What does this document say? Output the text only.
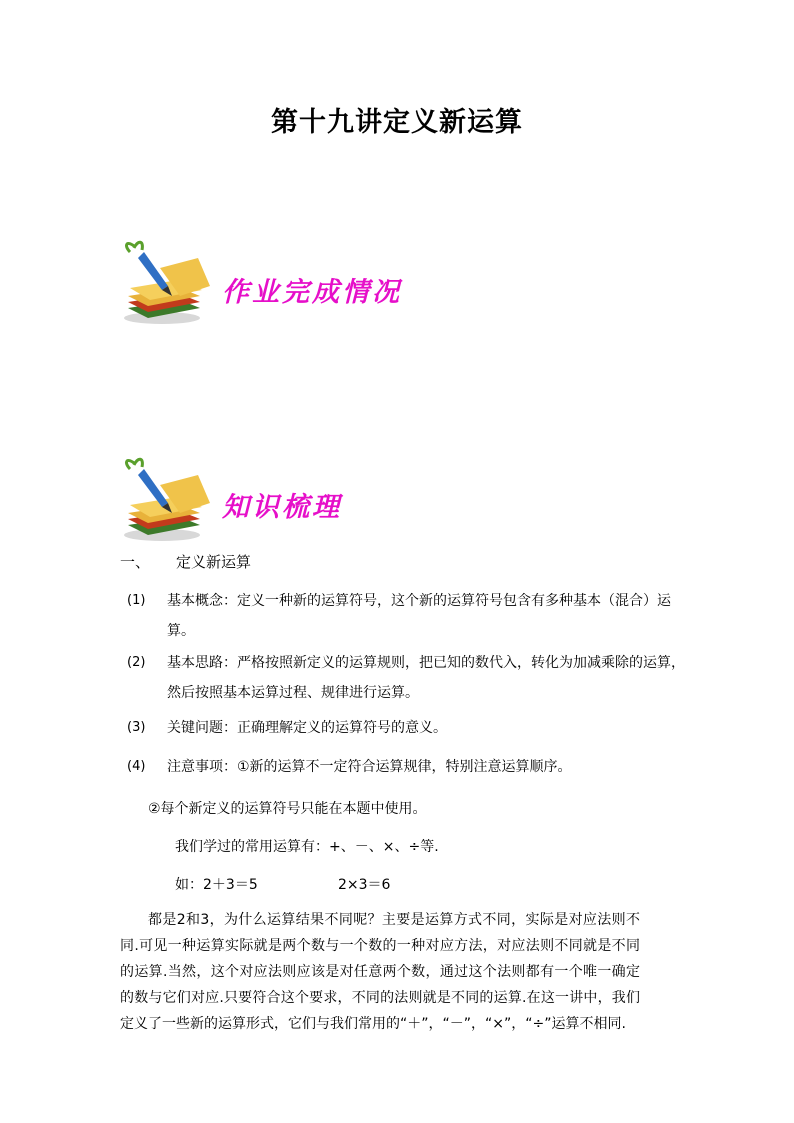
第十九讲定义新运算
作业完成情况
知识梳理
一、 定义新运算
(1) 基本概念：定义一种新的运算符号，这个新的运算符号包含有多种基本（混合）运算。
(2) 基本思路：严格按照新定义的运算规则，把已知的数代入，转化为加减乘除的运算，然后按照基本运算过程、规律进行运算。
(3) 关键问题：正确理解定义的运算符号的意义。
(4) 注意事项：①新的运算不一定符合运算规律，特别注意运算顺序。
②每个新定义的运算符号只能在本题中使用。
我们学过的常用运算有：+、－、×、÷等.
如：2＋3＝5	2×3＝6

都是2和3，为什么运算结果不同呢？主要是运算方式不同，实际是对应法则不同.可见一种运算实际就是两个数与一个数的一种对应方法，对应法则不同就是不同的运算.当然，这个对应法则应该是对任意两个数，通过这个法则都有一个唯一确定的数与它们对应.只要符合这个要求，不同的法则就是不同的运算.在这一讲中，我们定义了一些新的运算形式，它们与我们常用的“＋”，“－”，“×”，“÷”运算不相同.
